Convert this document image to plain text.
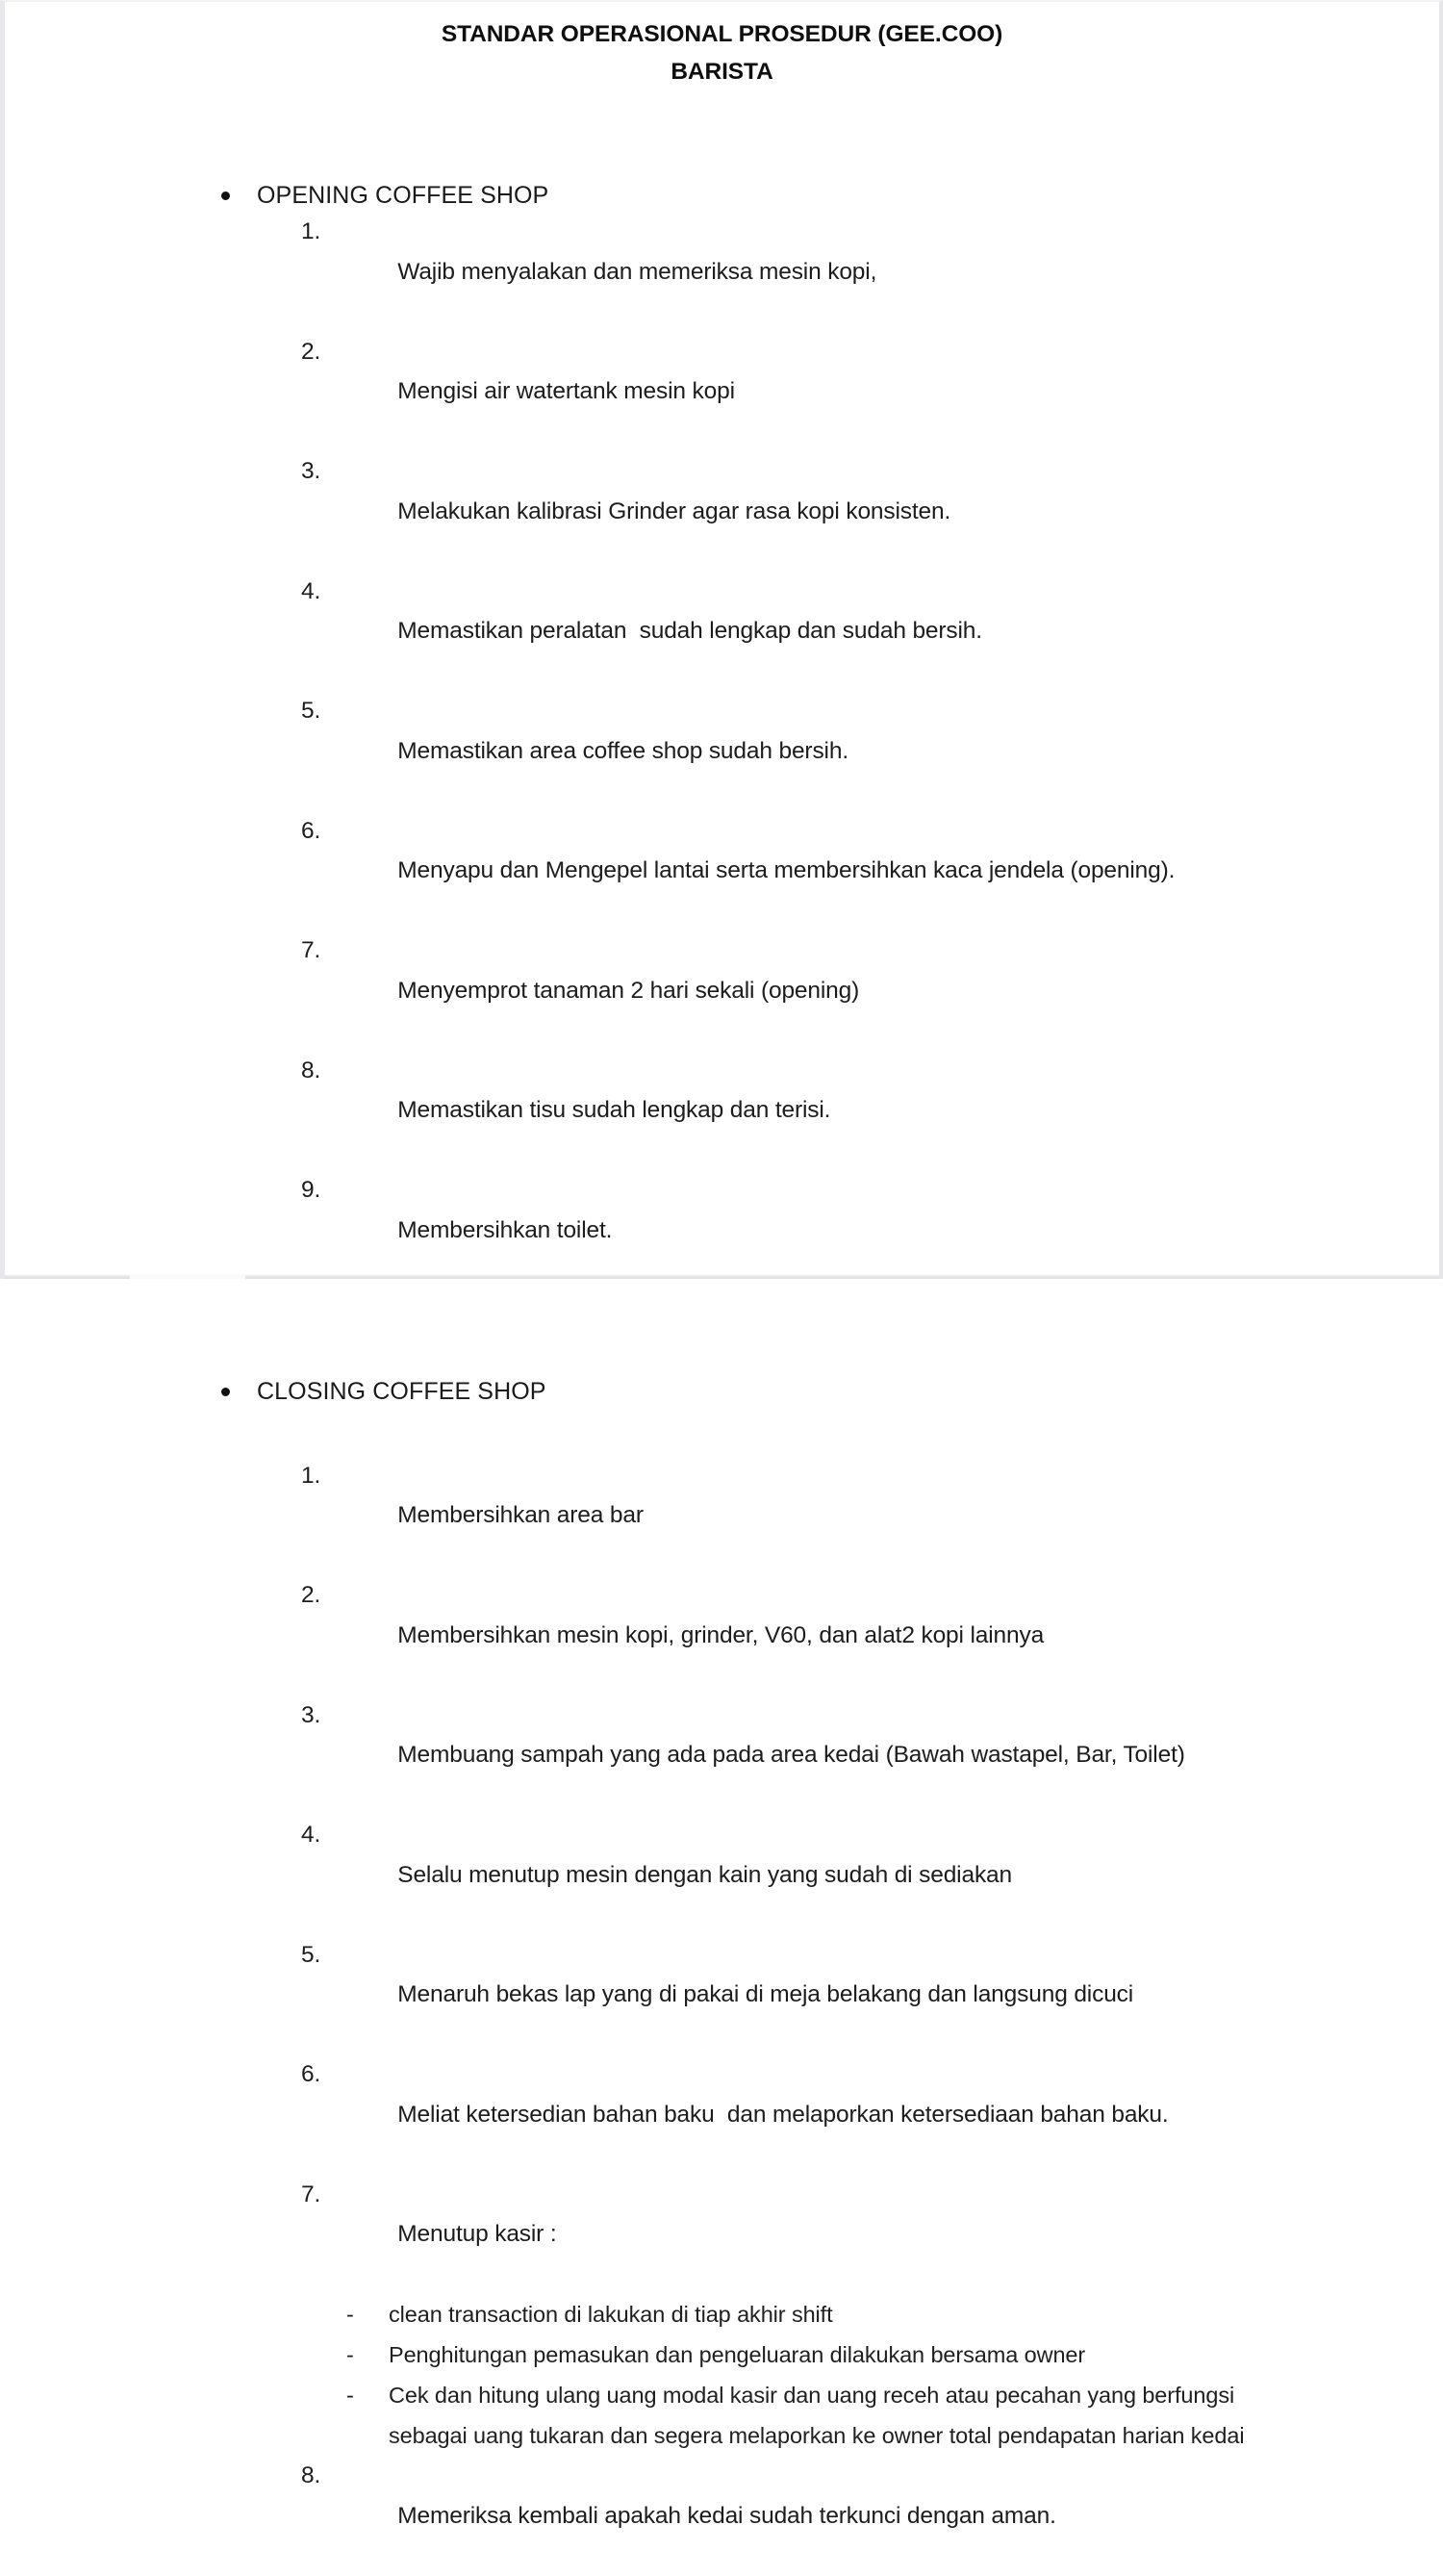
STANDAR OPERASIONAL PROSEDUR (GEE.COO)
BARISTA
OPENING COFFEE SHOP

1.
Wajib menyalakan dan memeriksa mesin kopi,

2.
Mengisi air watertank mesin kopi

3.
Melakukan kalibrasi Grinder agar rasa kopi konsisten.

4.
Memastikan peralatan  sudah lengkap dan sudah bersih.

5.
Memastikan area coffee shop sudah bersih.

6.
Menyapu dan Mengepel lantai serta membersihkan kaca jendela (opening).

7.
Menyemprot tanaman 2 hari sekali (opening)

8.
Memastikan tisu sudah lengkap dan terisi.

9.
Membersihkan toilet.

CLOSING COFFEE SHOP

1.
Membersihkan area bar

2.
Membersihkan mesin kopi, grinder, V60, dan alat2 kopi lainnya

3.
Membuang sampah yang ada pada area kedai (Bawah wastapel, Bar, Toilet)

4.
Selalu menutup mesin dengan kain yang sudah di sediakan

5.
Menaruh bekas lap yang di pakai di meja belakang dan langsung dicuci

6.
Meliat ketersedian bahan baku  dan melaporkan ketersediaan bahan baku.

7.
Menutup kasir :

- clean transaction di lakukan di tiap akhir shift
- Penghitungan pemasukan dan pengeluaran dilakukan bersama owner
- Cek dan hitung ulang uang modal kasir dan uang receh atau pecahan yang berfungsi sebagai uang tukaran dan segera melaporkan ke owner total pendapatan harian kedai

8.
Memeriksa kembali apakah kedai sudah terkunci dengan aman.
